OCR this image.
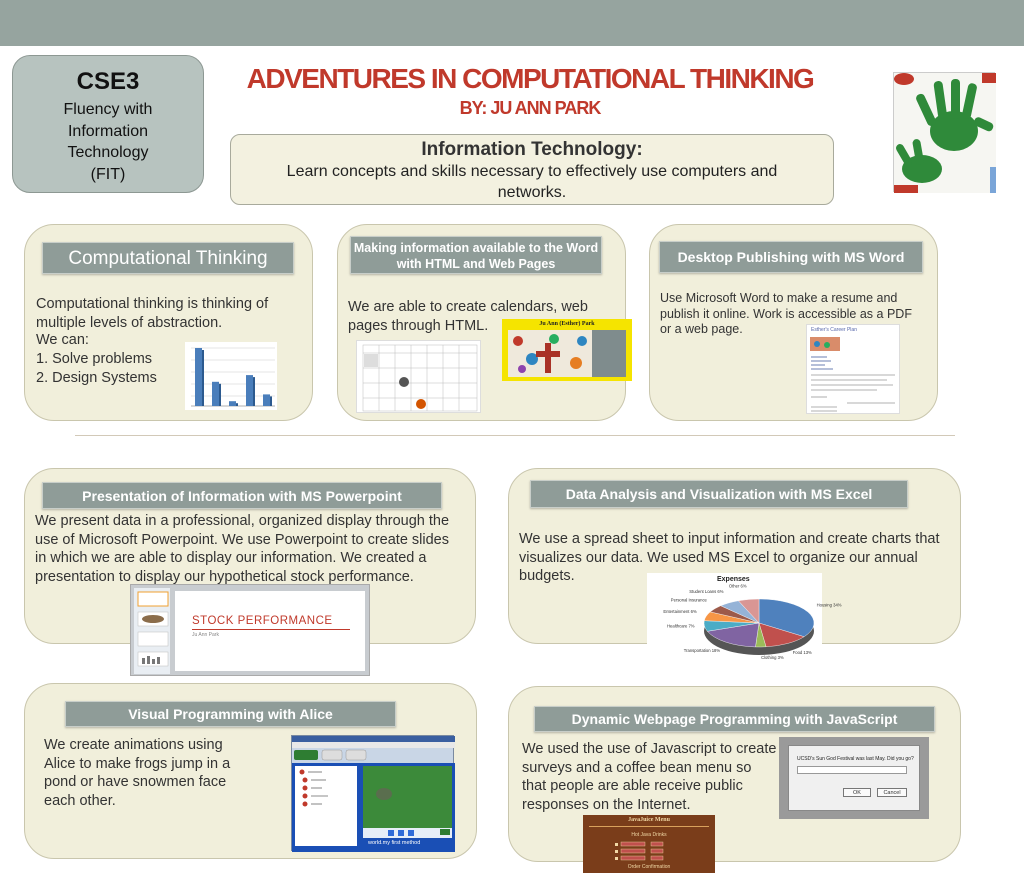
CSE3
Fluency with Information Technology (FIT)
ADVENTURES IN COMPUTATIONAL THINKING
BY: JU ANN PARK
Information Technology:
Learn concepts and skills necessary to effectively use computers and networks.
Computational Thinking
Computational thinking is thinking of multiple levels of abstraction.
We can:
1. Solve problems
2. Design Systems
Making information available to the Word with HTML and Web Pages
We are able to create calendars, web pages through HTML.	Ju Ann (Esther) Park
Desktop Publishing with MS Word
Use Microsoft Word to make a resume and publish it online. Work is accessible as a PDF or a web page.	Esther's Career Plan
Presentation of Information with MS Powerpoint
We present data in a professional, organized display through the use of Microsoft Powerpoint. We use Powerpoint to create slides in which we are able to display our information. We created a presentation to display our hypothetical stock performance.
STOCK PERFORMANCE
Ju Ann Park
Data Analysis and Visualization with MS Excel
We use a spread sheet to input information and create charts that visualizes our data. We used MS Excel to organize our annual budgets.	Expenses
Housing 34%
Food 13%
Clothing 3%
Transportation 18%
Healthcare 7%
Entertainment 6%
Personal Insurance
Student Loans 6%
Other 6%
Visual Programming with Alice
We create animations using Alice to make frogs jump in a pond or have snowmen face each other.
world.my first method
Dynamic Webpage Programming with JavaScript
We used the use of Javascript to create surveys and a coffee bean menu so that people are able receive public responses on the Internet.
UCSD's Sun God Festival was last May. Did you go?
OK	Cancel
JavaJuice Menu
Hot Java Drinks
Order Confirmation
